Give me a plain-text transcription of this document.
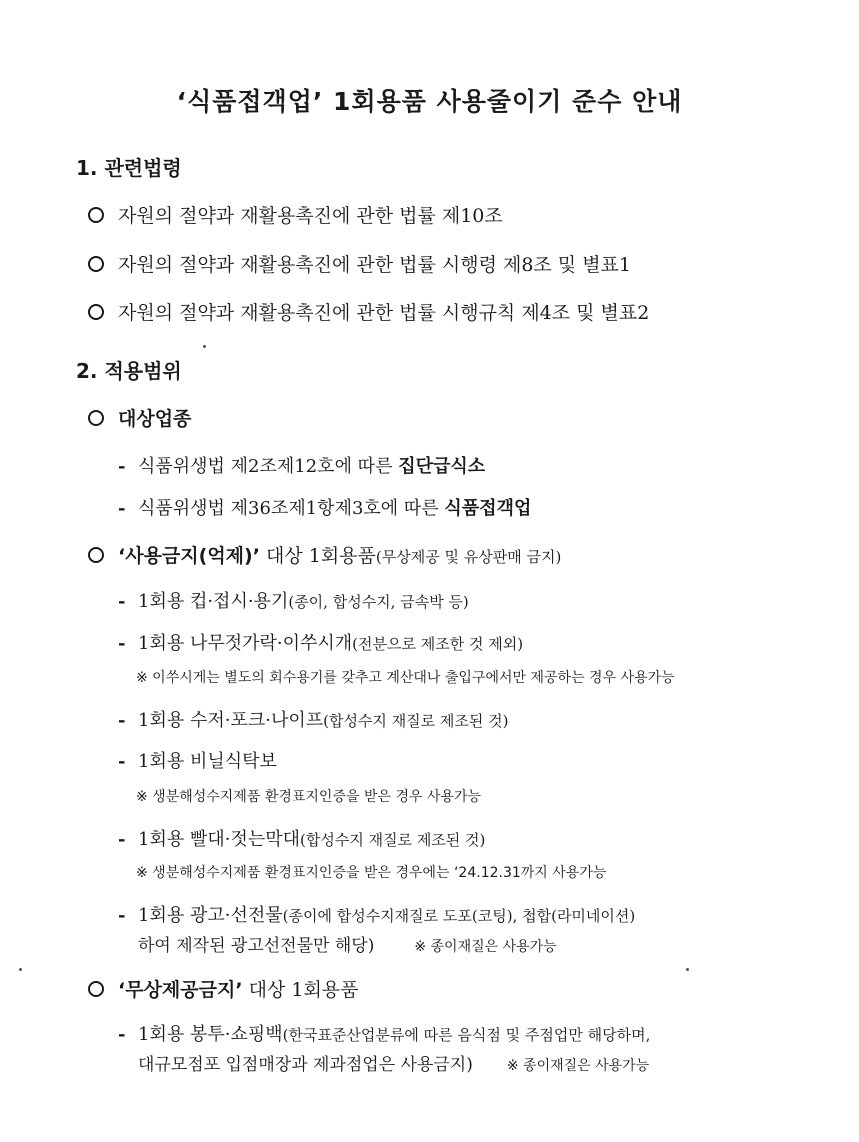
‘식품접객업’ 1회용품 사용줄이기 준수 안내
1. 관련법령
자원의 절약과 재활용촉진에 관한 법률 제10조
자원의 절약과 재활용촉진에 관한 법률 시행령 제8조 및 별표1
자원의 절약과 재활용촉진에 관한 법률 시행규칙 제4조 및 별표2
2. 적용범위
대상업종
- 식품위생법 제2조제12호에 따른 집단급식소
- 식품위생법 제36조제1항제3호에 따른 식품접객업
‘사용금지(억제)’ 대상 1회용품(무상제공 및 유상판매 금지)
- 1회용 컵·접시·용기(종이, 합성수지, 금속박 등)
- 1회용 나무젓가락·이쑤시개(전분으로 제조한 것 제외)
※ 이쑤시게는 별도의 회수용기를 갖추고 계산대나 출입구에서만 제공하는 경우 사용가능
- 1회용 수저·포크·나이프(합성수지 재질로 제조된 것)
- 1회용 비닐식탁보
※ 생분해성수지제품 환경표지인증을 받은 경우 사용가능
- 1회용 빨대·젓는막대(합성수지 재질로 제조된 것)
※ 생분해성수지제품 환경표지인증을 받은 경우에는 ‘24.12.31까지 사용가능
- 1회용 광고·선전물(종이에 합성수지재질로 도포(코팅), 첩합(라미네이션)
하여 제작된 광고선전물만 해당)	※ 종이재질은 사용가능
‘무상제공금지’ 대상 1회용품
- 1회용 봉투·쇼핑백(한국표준산업분류에 따른 음식점 및 주점업만 해당하며,
대규모점포 입점매장과 제과점업은 사용금지) ※ 종이재질은 사용가능
